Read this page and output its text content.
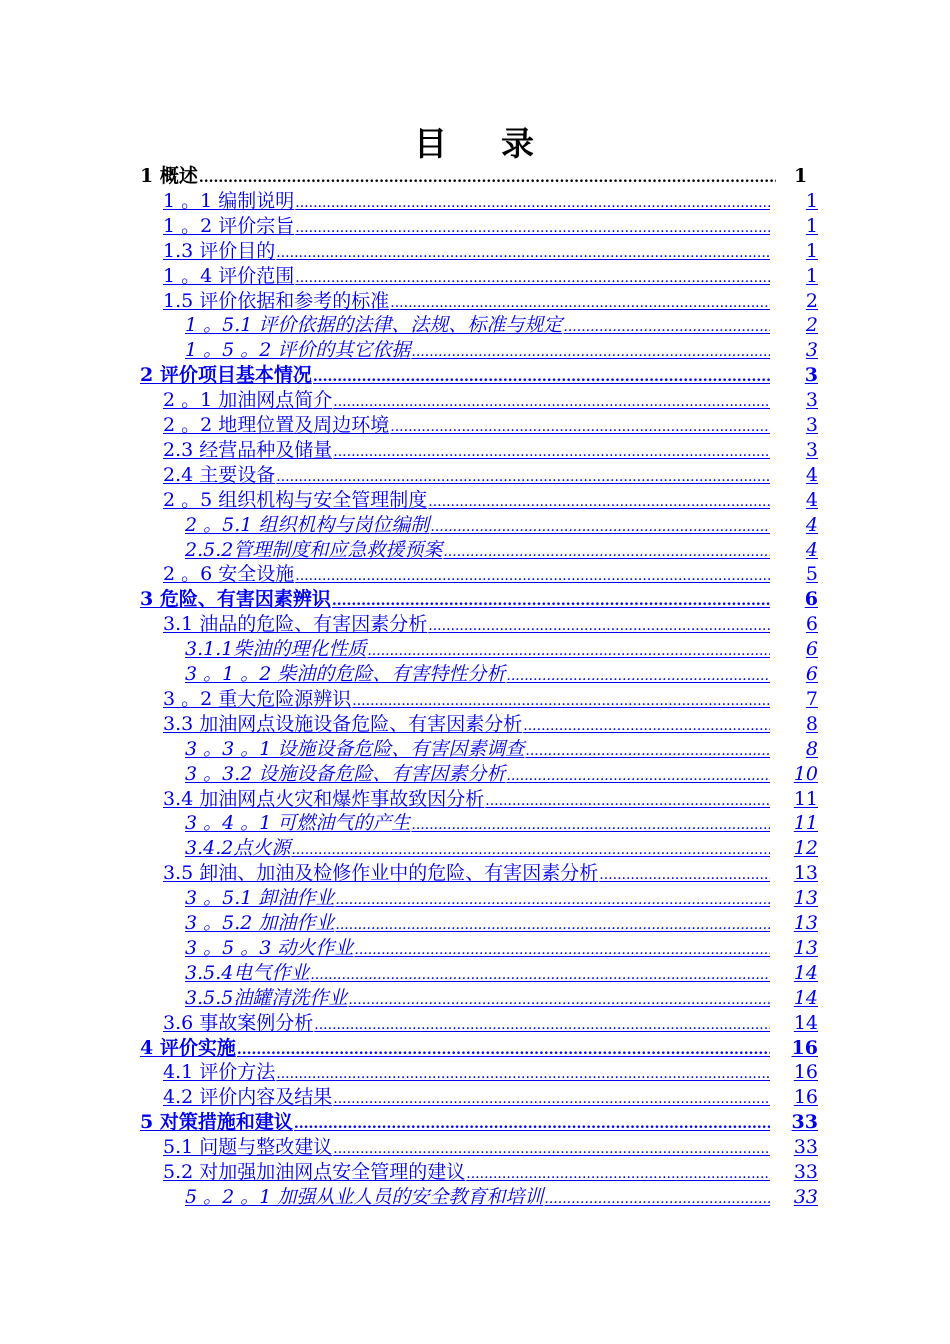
目 录
1 概述 .....	1
1 。1 编制说明 .....	1
1 。2 评价宗旨 .....	1
1.3 评价目的 .....	1
1 。4 评价范围 .....	1
1.5 评价依据和参考的标准 .....	2
1 。5.1 评价依据的法律、法规、标准与规定 .....	2
1 。5 。2 评价的其它依据 .....	3
2 评价项目基本情况 .....	3
2 。1 加油网点简介 .....	3
2 。2 地理位置及周边环境 .....	3
2.3 经营品种及储量 .....	3
2.4 主要设备 .....	4
2 。5 组织机构与安全管理制度 .....	4
2 。5.1 组织机构与岗位编制 .....	4
2.5.2管理制度和应急救援预案 .....	4
2 。6 安全设施 .....	5
3 危险、有害因素辨识 .....	6
3.1 油品的危险、有害因素分析 .....	6
3.1.1柴油的理化性质 .....	6
3 。1 。2 柴油的危险、有害特性分析 .....	6
3 。2 重大危险源辨识 .....	7
3.3 加油网点设施设备危险、有害因素分析 .....	8
3 。3 。1 设施设备危险、有害因素调查 .....	8
3 。3.2 设施设备危险、有害因素分析 .....	10
3.4 加油网点火灾和爆炸事故致因分析 .....	11
3 。4 。1 可燃油气的产生 .....	11
3.4.2点火源 .....	12
3.5 卸油、加油及检修作业中的危险、有害因素分析 .....	13
3 。5.1 卸油作业 .....	13
3 。5.2 加油作业 .....	13
3 。5 。3 动火作业 .....	13
3.5.4电气作业 .....	14
3.5.5油罐清洗作业 .....	14
3.6 事故案例分析 .....	14
4 评价实施 .....	16
4.1 评价方法 .....	16
4.2 评价内容及结果 .....	16
5 对策措施和建议 .....	33
5.1 问题与整改建议 .....	33
5.2 对加强加油网点安全管理的建议 .....	33
5 。2 。1 加强从业人员的安全教育和培训 .....	33
